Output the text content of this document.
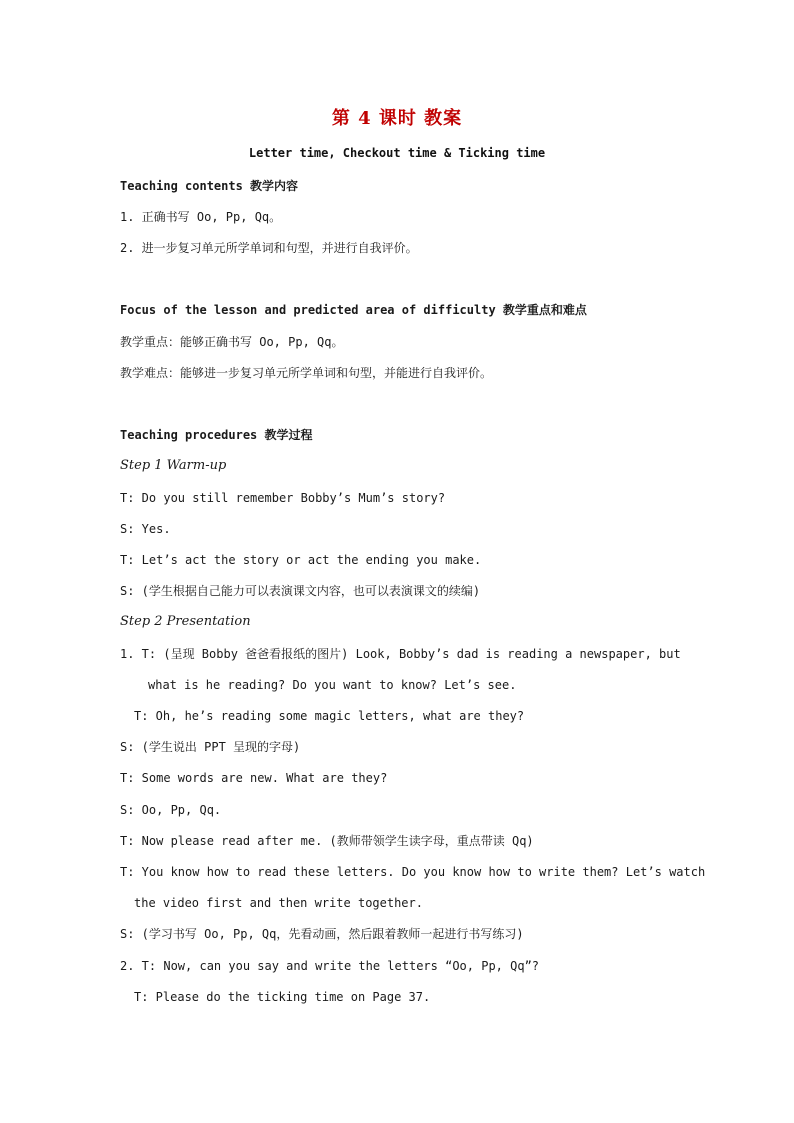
第 4 课时 教案
Letter time, Checkout time & Ticking time
Teaching contents 教学内容
1. 正确书写 Oo, Pp, Qq。
2. 进一步复习单元所学单词和句型，并进行自我评价。
Focus of the lesson and predicted area of difficulty 教学重点和难点
教学重点：能够正确书写 Oo, Pp, Qq。
教学难点：能够进一步复习单元所学单词和句型，并能进行自我评价。
Teaching procedures 教学过程
Step 1 Warm-up
T: Do you still remember Bobby’s Mum’s story?
S: Yes.
T: Let’s act the story or act the ending you make.
S: (学生根据自己能力可以表演课文内容，也可以表演课文的续编)
Step 2 Presentation
1. T: (呈现 Bobby 爸爸看报纸的图片) Look, Bobby’s dad is reading a newspaper, but
what is he reading? Do you want to know? Let’s see.
T: Oh, he’s reading some magic letters, what are they?
S: (学生说出 PPT 呈现的字母)
T: Some words are new. What are they?
S: Oo, Pp, Qq.
T: Now please read after me. (教师带领学生读字母，重点带读 Qq)
T: You know how to read these letters. Do you know how to write them? Let’s watch
the video first and then write together.
S: (学习书写 Oo, Pp, Qq，先看动画，然后跟着教师一起进行书写练习)
2. T: Now, can you say and write the letters “Oo, Pp, Qq”?
T: Please do the ticking time on Page 37.
